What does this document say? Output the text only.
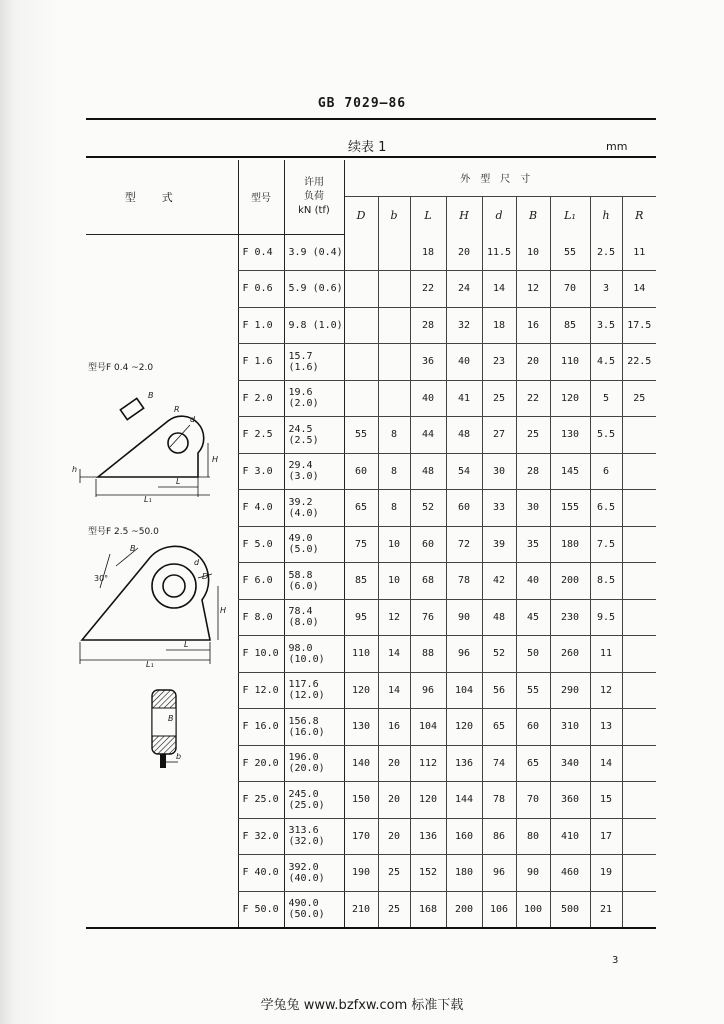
GB 7029—86
续表 1	mm
型式	型号	许用
负荷
kN (tf)	外型尺寸								
			D	b	L	H	d	B	L₁	h	R
	F 0.4	3.9 (0.4)			18	20	11.5	10	55	2.5	11
	F 0.6	5.9 (0.6)			22	24	14	12	70	3	14
	F 1.0	9.8 (1.0)			28	32	18	16	85	3.5	17.5
	F 1.6	15.7 (1.6)			36	40	23	20	110	4.5	22.5
	F 2.0	19.6 (2.0)			40	41	25	22	120	5	25
	F 2.5	24.5 (2.5)	55	8	44	48	27	25	130	5.5	
	F 3.0	29.4 (3.0)	60	8	48	54	30	28	145	6	
	F 4.0	39.2 (4.0)	65	8	52	60	33	30	155	6.5	
	F 5.0	49.0 (5.0)	75	10	60	72	39	35	180	7.5	
	F 6.0	58.8 (6.0)	85	10	68	78	42	40	200	8.5	
	F 8.0	78.4 (8.0)	95	12	76	90	48	45	230	9.5	
	F 10.0	98.0 (10.0)	110	14	88	96	52	50	260	11	
	F 12.0	117.6 (12.0)	120	14	96	104	56	55	290	12	
	F 16.0	156.8 (16.0)	130	16	104	120	65	60	310	13	
	F 20.0	196.0 (20.0)	140	20	112	136	74	65	340	14	
	F 25.0	245.0 (25.0)	150	20	120	144	78	70	360	15	
	F 32.0	313.6 (32.0)	170	20	136	160	86	80	410	17	
	F 40.0	392.0 (40.0)	190	25	152	180	96	90	460	19	
	F 50.0	490.0 (50.0)	210	25	168	200	106	100	500	21	
型号F 0.4 ~2.0
B
R
d
H
h
L
L₁
型号F 2.5 ~50.0
B
30°
d
D
H
L
L₁
B
b
3
学兔兔 www.bzfxw.com 标准下载
